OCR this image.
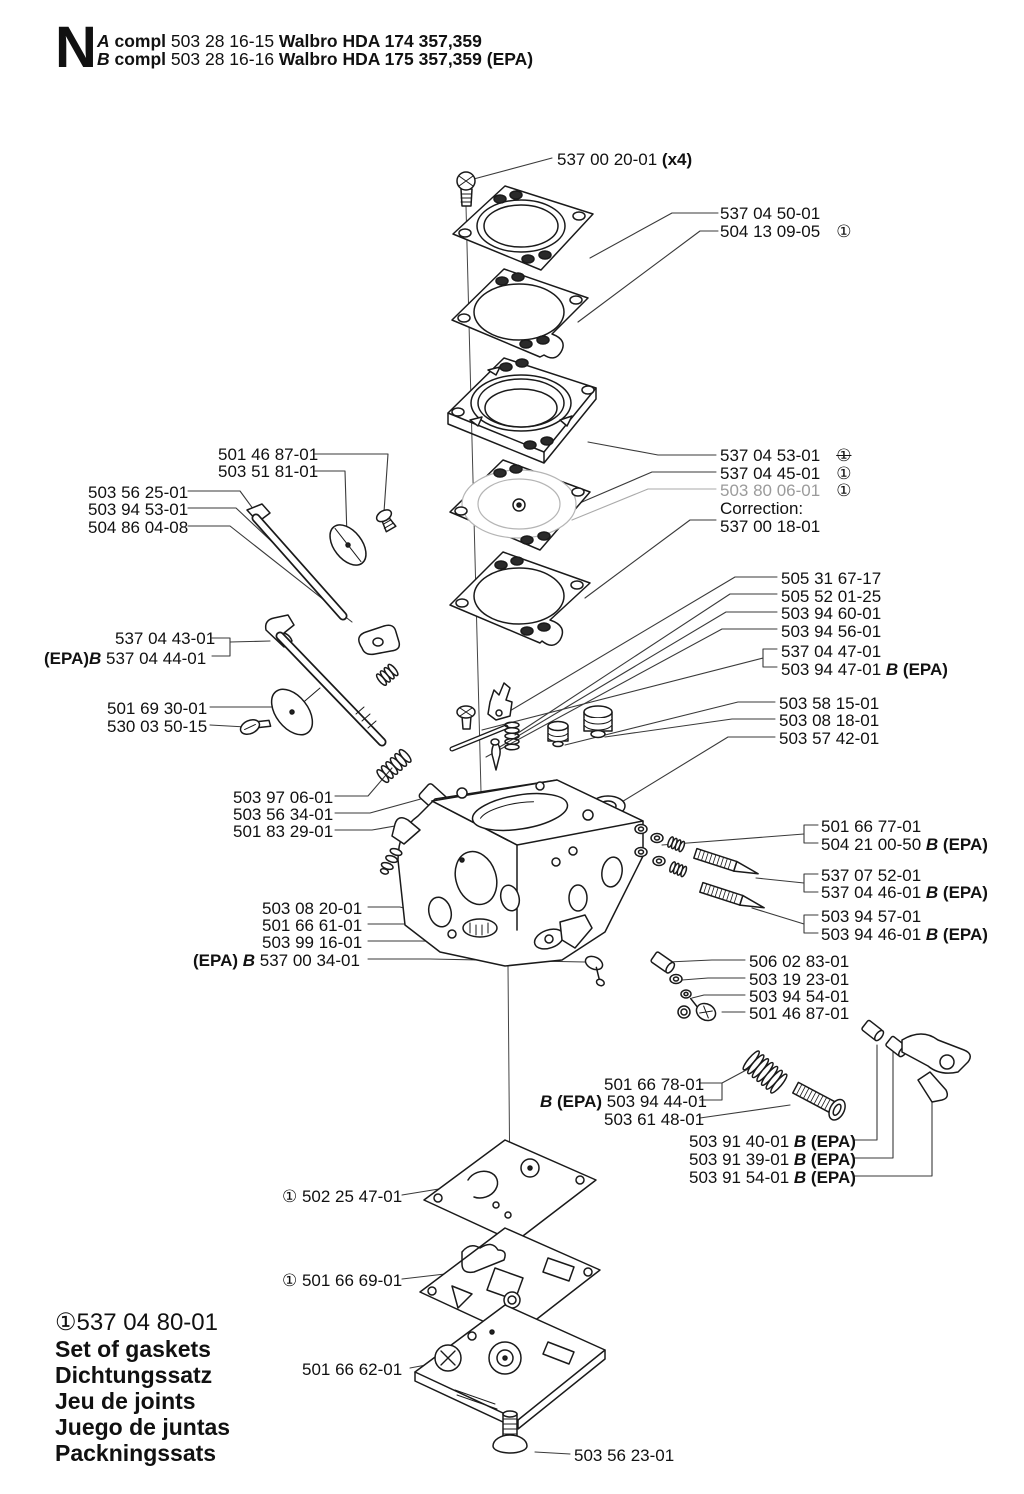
N A compl 503 28 16-15 Walbro HDA 174 357,359
B compl 503 28 16-16 Walbro HDA 175 357,359 (EPA)
537 00 20-01 (x4)
537 04 50-01
504 13 09-05 ①
501 46 87-01
503 51 81-01
503 56 25-01
503 94 53-01
504 86 04-08
537 04 53-01 ①
537 04 45-01 ①
503 80 06-01 ①
Correction:
537 00 18-01
505 31 67-17
505 52 01-25
503 94 60-01
503 94 56-01
537 04 47-01
503 94 47-01 B (EPA)
537 04 43-01
(EPA)B 537 04 44-01
503 58 15-01
503 08 18-01
503 57 42-01
501 69 30-01
530 03 50-15
503 97 06-01
503 56 34-01
501 83 29-01	501 66 77-01
504 21 00-50 B (EPA)
537 07 52-01
537 04 46-01 B (EPA)
503 94 57-01
503 94 46-01 B (EPA)
503 08 20-01
501 66 61-01
503 99 16-01
(EPA) B 537 00 34-01	506 02 83-01
503 19 23-01
503 94 54-01
501 46 87-01
501 66 78-01
B (EPA) 503 94 44-01
503 61 48-01
503 91 40-01 B (EPA)
503 91 39-01 B (EPA)
503 91 54-01 B (EPA)
① 502 25 47-01
① 501 66 69-01
501 66 62-01
503 56 23-01
①537 04 80-01
Set of gaskets
Dichtungssatz
Jeu de joints
Juego de juntas
Packningssats
